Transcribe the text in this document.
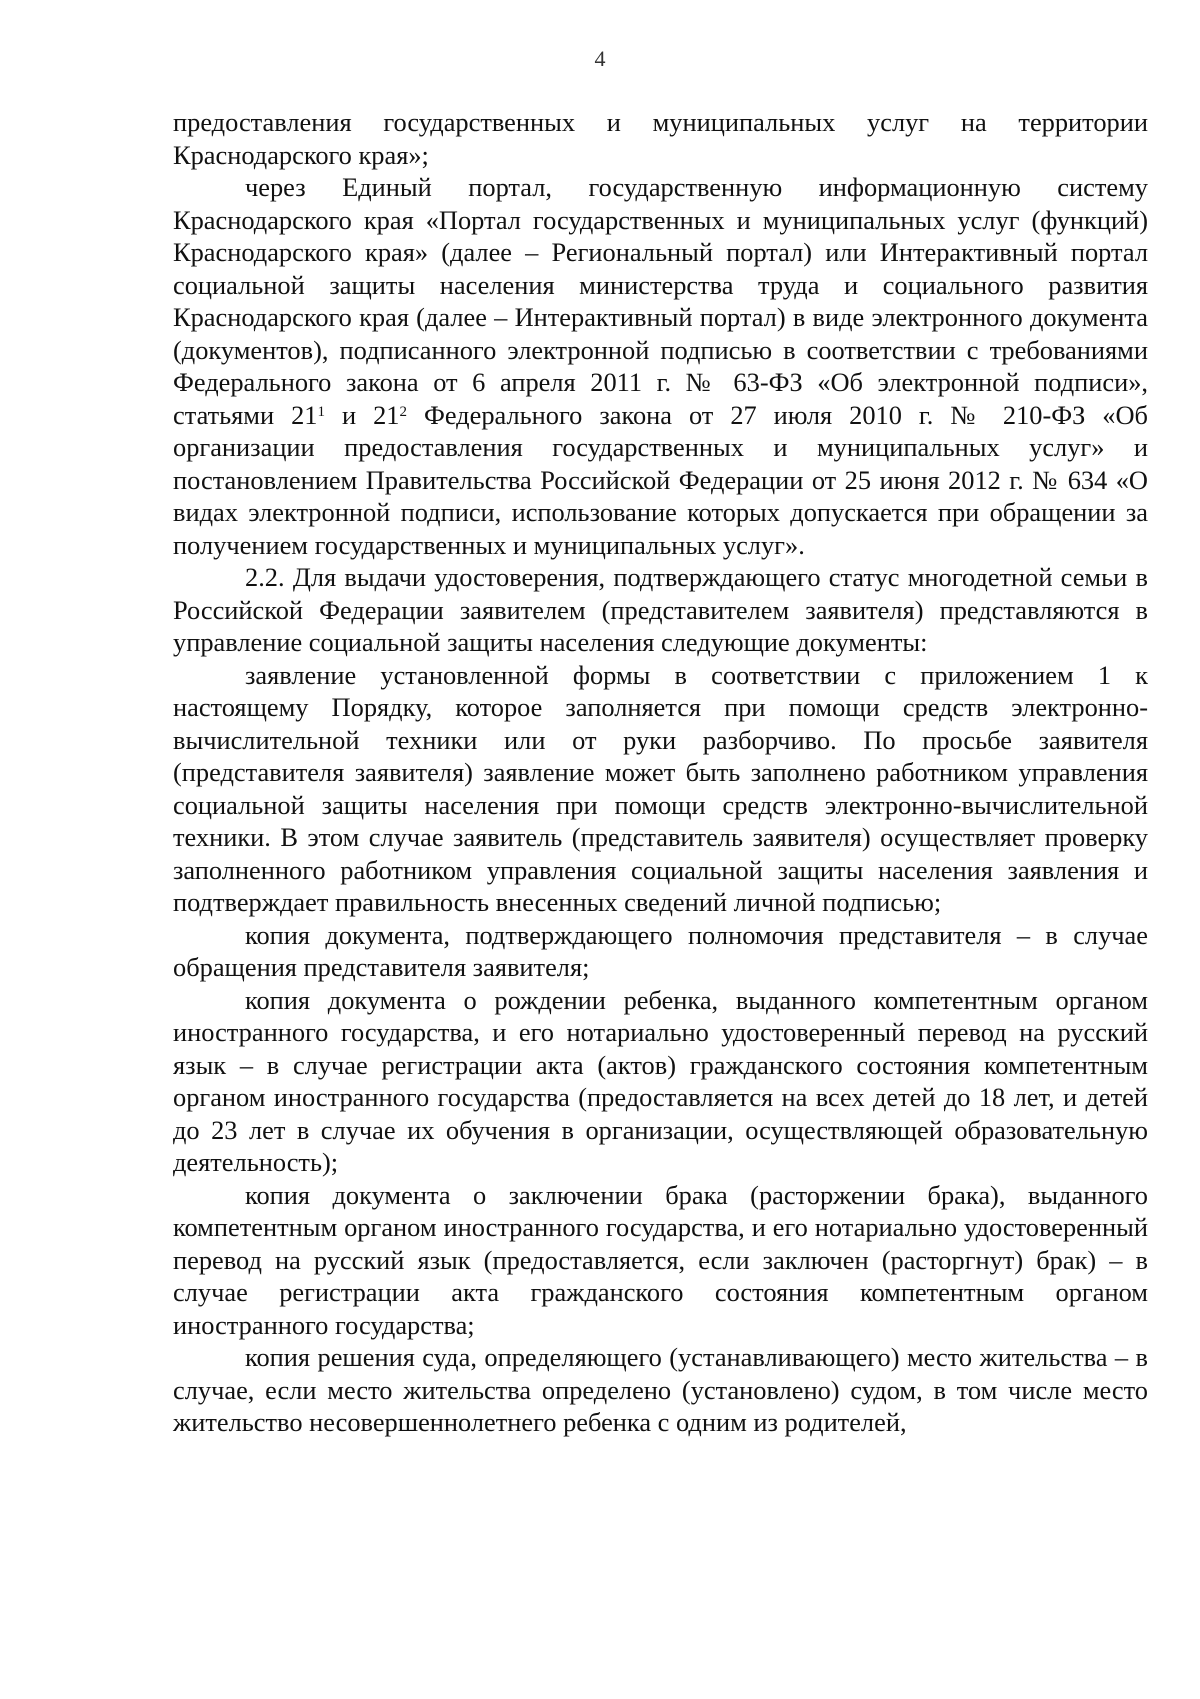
4

предоставления государственных и муниципальных услуг на территории Краснодарского края»;

через Единый портал, государственную информационную систему Краснодарского края «Портал государственных и муниципальных услуг (функций) Краснодарского края» (далее – Региональный портал) или Интерактивный портал социальной защиты населения министерства труда и социального развития Краснодарского края (далее – Интерактивный портал) в виде электронного документа (документов), подписанного электронной подписью в соответствии с требованиями Федерального закона от 6 апреля 2011 г. № 63-ФЗ «Об электронной подписи», статьями $21^1$ и $21^2$ Федерального закона от 27 июля 2010 г. № 210-ФЗ «Об организации предоставления государственных и муниципальных услуг» и постановлением Правительства Российской Федерации от 25 июня 2012 г. № 634 «О видах электронной подписи, использование которых допускается при обращении за получением государственных и муниципальных услуг».

2.2. Для выдачи удостоверения, подтверждающего статус многодетной семьи в Российской Федерации заявителем (представителем заявителя) представляются в управление социальной защиты населения следующие документы:

заявление установленной формы в соответствии с приложением 1 к настоящему Порядку, которое заполняется при помощи средств электронно-вычислительной техники или от руки разборчиво. По просьбе заявителя (представителя заявителя) заявление может быть заполнено работником управления социальной защиты населения при помощи средств электронно-вычислительной техники. В этом случае заявитель (представитель заявителя) осуществляет проверку заполненного работником управления социальной защиты населения заявления и подтверждает правильность внесенных сведений личной подписью;

копия документа, подтверждающего полномочия представителя – в случае обращения представителя заявителя;

копия документа о рождении ребенка, выданного компетентным органом иностранного государства, и его нотариально удостоверенный перевод на русский язык – в случае регистрации акта (актов) гражданского состояния компетентным органом иностранного государства (предоставляется на всех детей до 18 лет, и детей до 23 лет в случае их обучения в организации, осуществляющей образовательную деятельность);

копия документа о заключении брака (расторжении брака), выданного компетентным органом иностранного государства, и его нотариально удостоверенный перевод на русский язык (предоставляется, если заключен (расторгнут) брак) – в случае регистрации акта гражданского состояния компетентным органом иностранного государства;

копия решения суда, определяющего (устанавливающего) место жительства – в случае, если место жительства определено (установлено) судом, в том числе место жительство несовершеннолетнего ребенка с одним из родителей,
